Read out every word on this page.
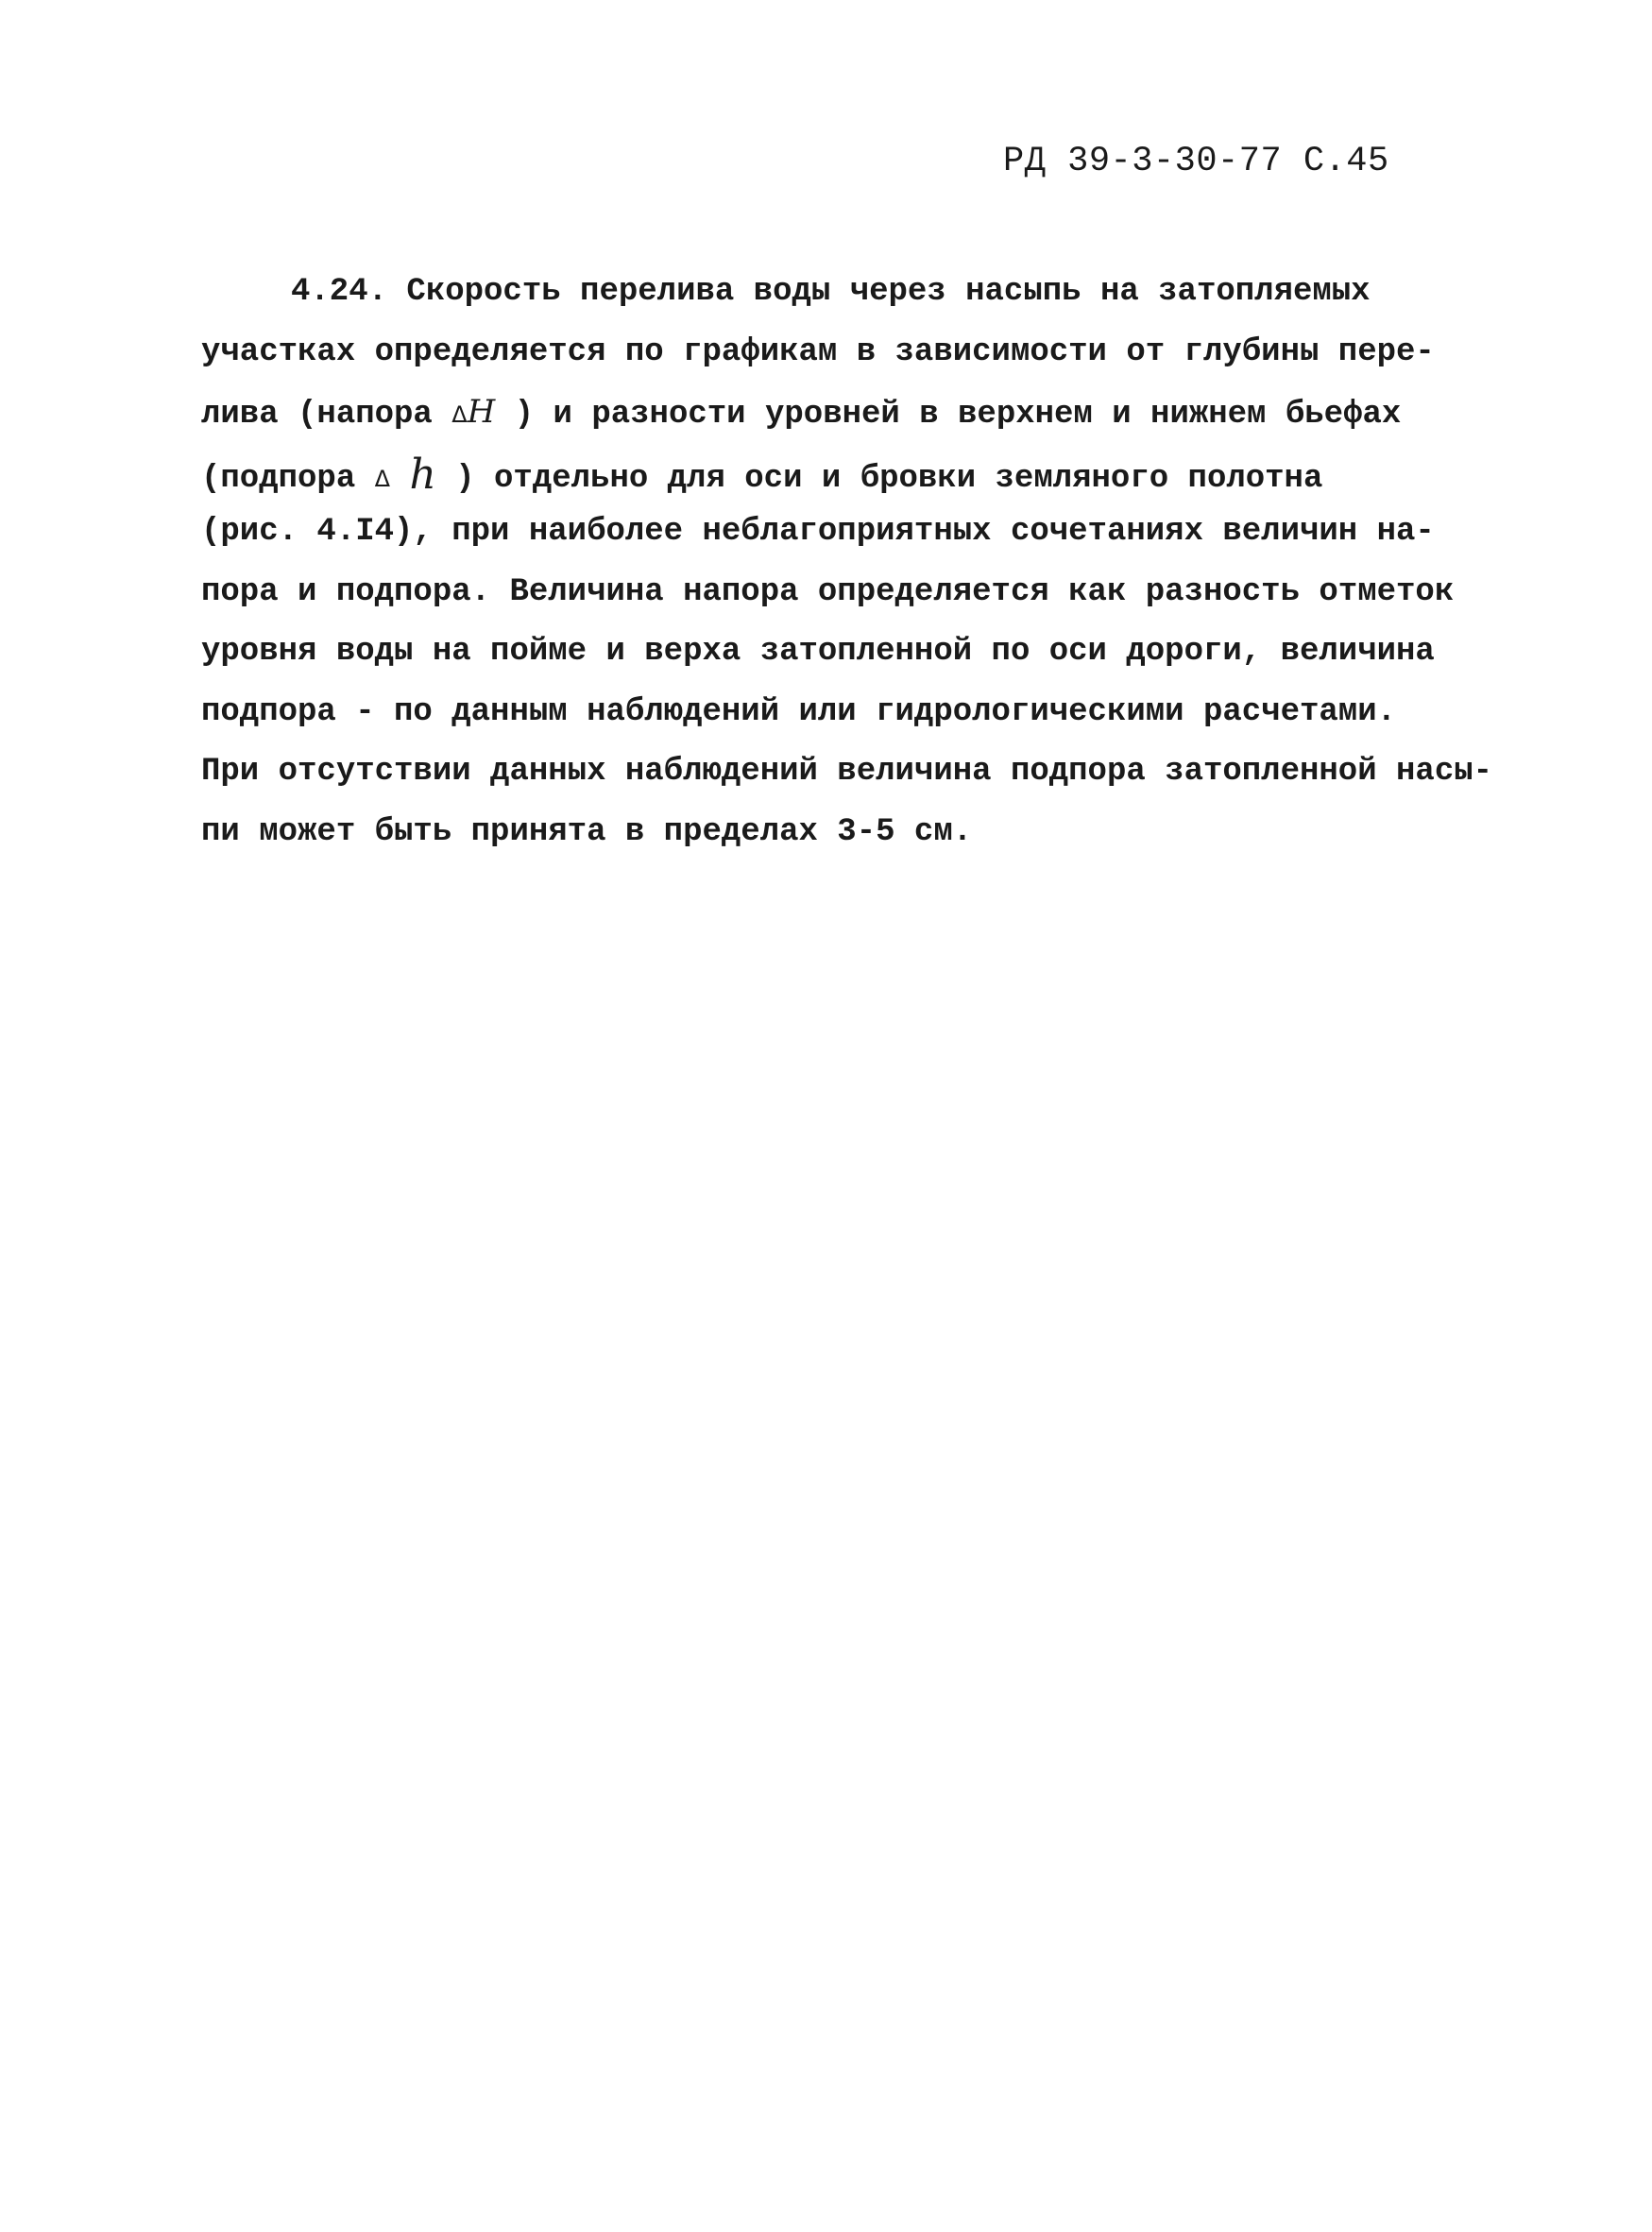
РД 39-3-30-77 С.45
4.24. Скорость перелива воды через насыпь на затопляемых
участках определяется по графикам в зависимости от глубины пере-
лива (напора ΔH ) и разности уровней в верхнем и нижнем бьефах
(подпора Δ h ) отдельно для оси и бровки земляного полотна
(рис. 4.I4), при наиболее неблагоприятных сочетаниях величин на-
пора и подпора. Величина напора определяется как разность отметок
уровня воды на пойме и верха затопленной по оси дороги, величина
подпора - по данным наблюдений или гидрологическими расчетами.
При отсутствии данных наблюдений величина подпора затопленной насы-
пи может быть принята в пределах 3-5 см.
